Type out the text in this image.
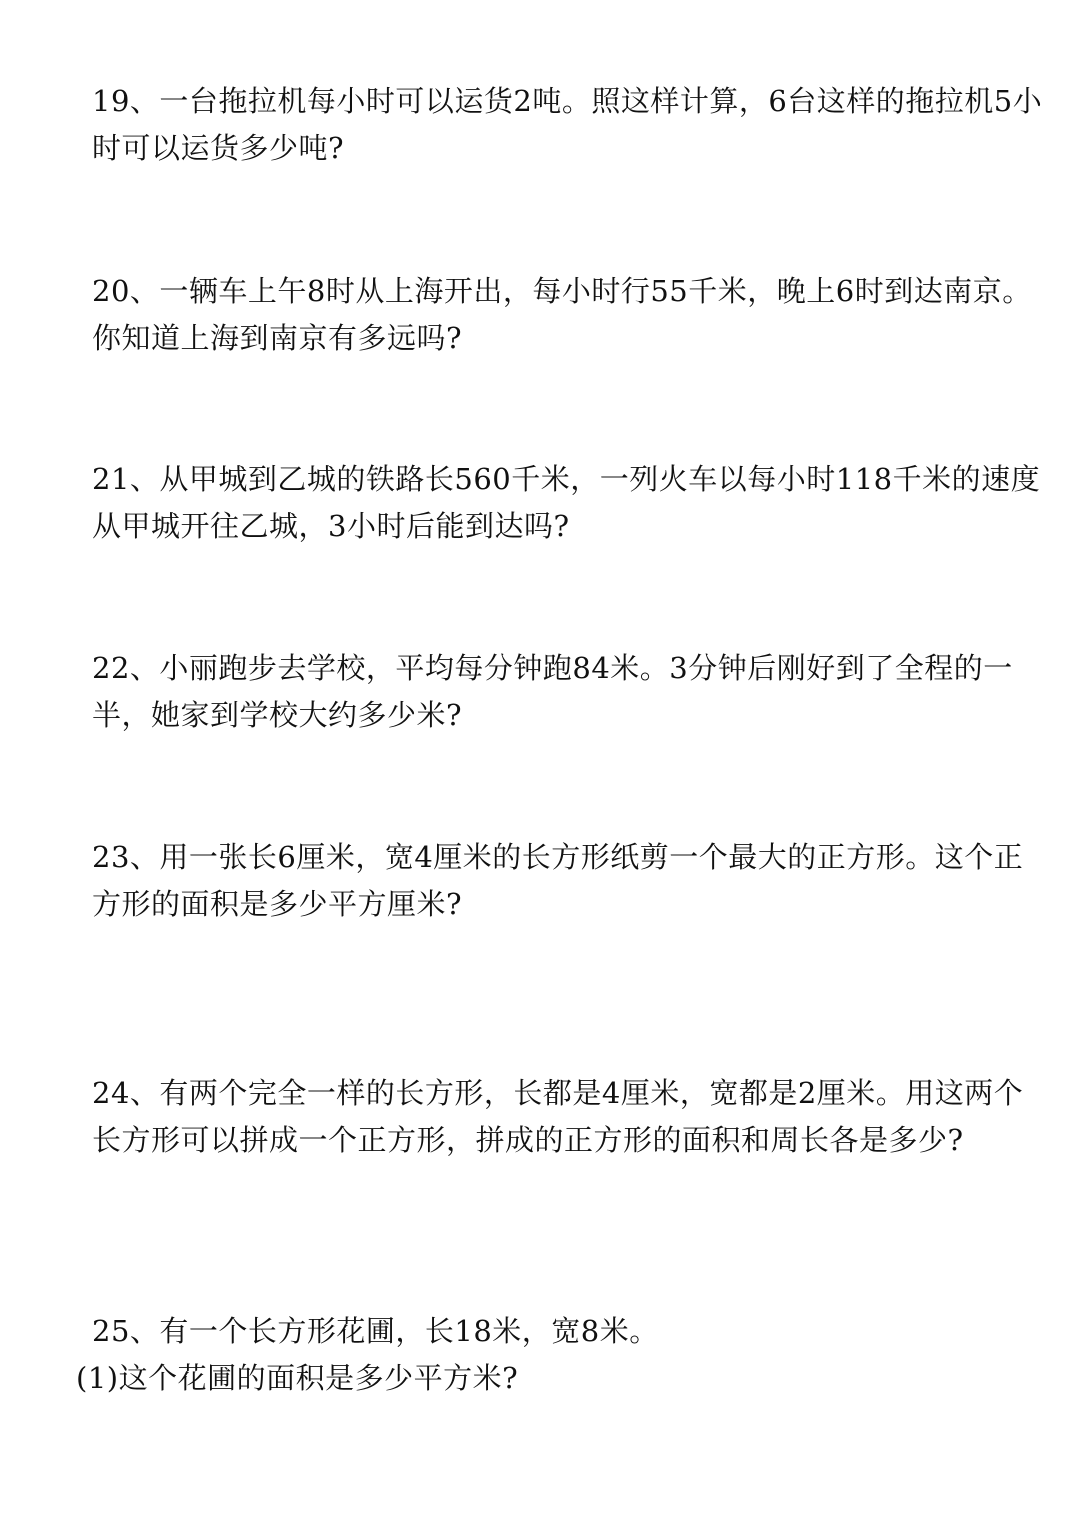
19、一台拖拉机每小时可以运货2吨。照这样计算，6台这样的拖拉机5小
时可以运货多少吨?
20、一辆车上午8时从上海开出，每小时行55千米，晚上6时到达南京。
你知道上海到南京有多远吗?
21、从甲城到乙城的铁路长560千米，一列火车以每小时118千米的速度
从甲城开往乙城，3小时后能到达吗?
22、小丽跑步去学校，平均每分钟跑84米。3分钟后刚好到了全程的一
半，她家到学校大约多少米?
23、用一张长6厘米，宽4厘米的长方形纸剪一个最大的正方形。这个正
方形的面积是多少平方厘米?
24、有两个完全一样的长方形，长都是4厘米，宽都是2厘米。用这两个
长方形可以拼成一个正方形，拼成的正方形的面积和周长各是多少?
25、有一个长方形花圃，长18米，宽8米。
(1)这个花圃的面积是多少平方米?
